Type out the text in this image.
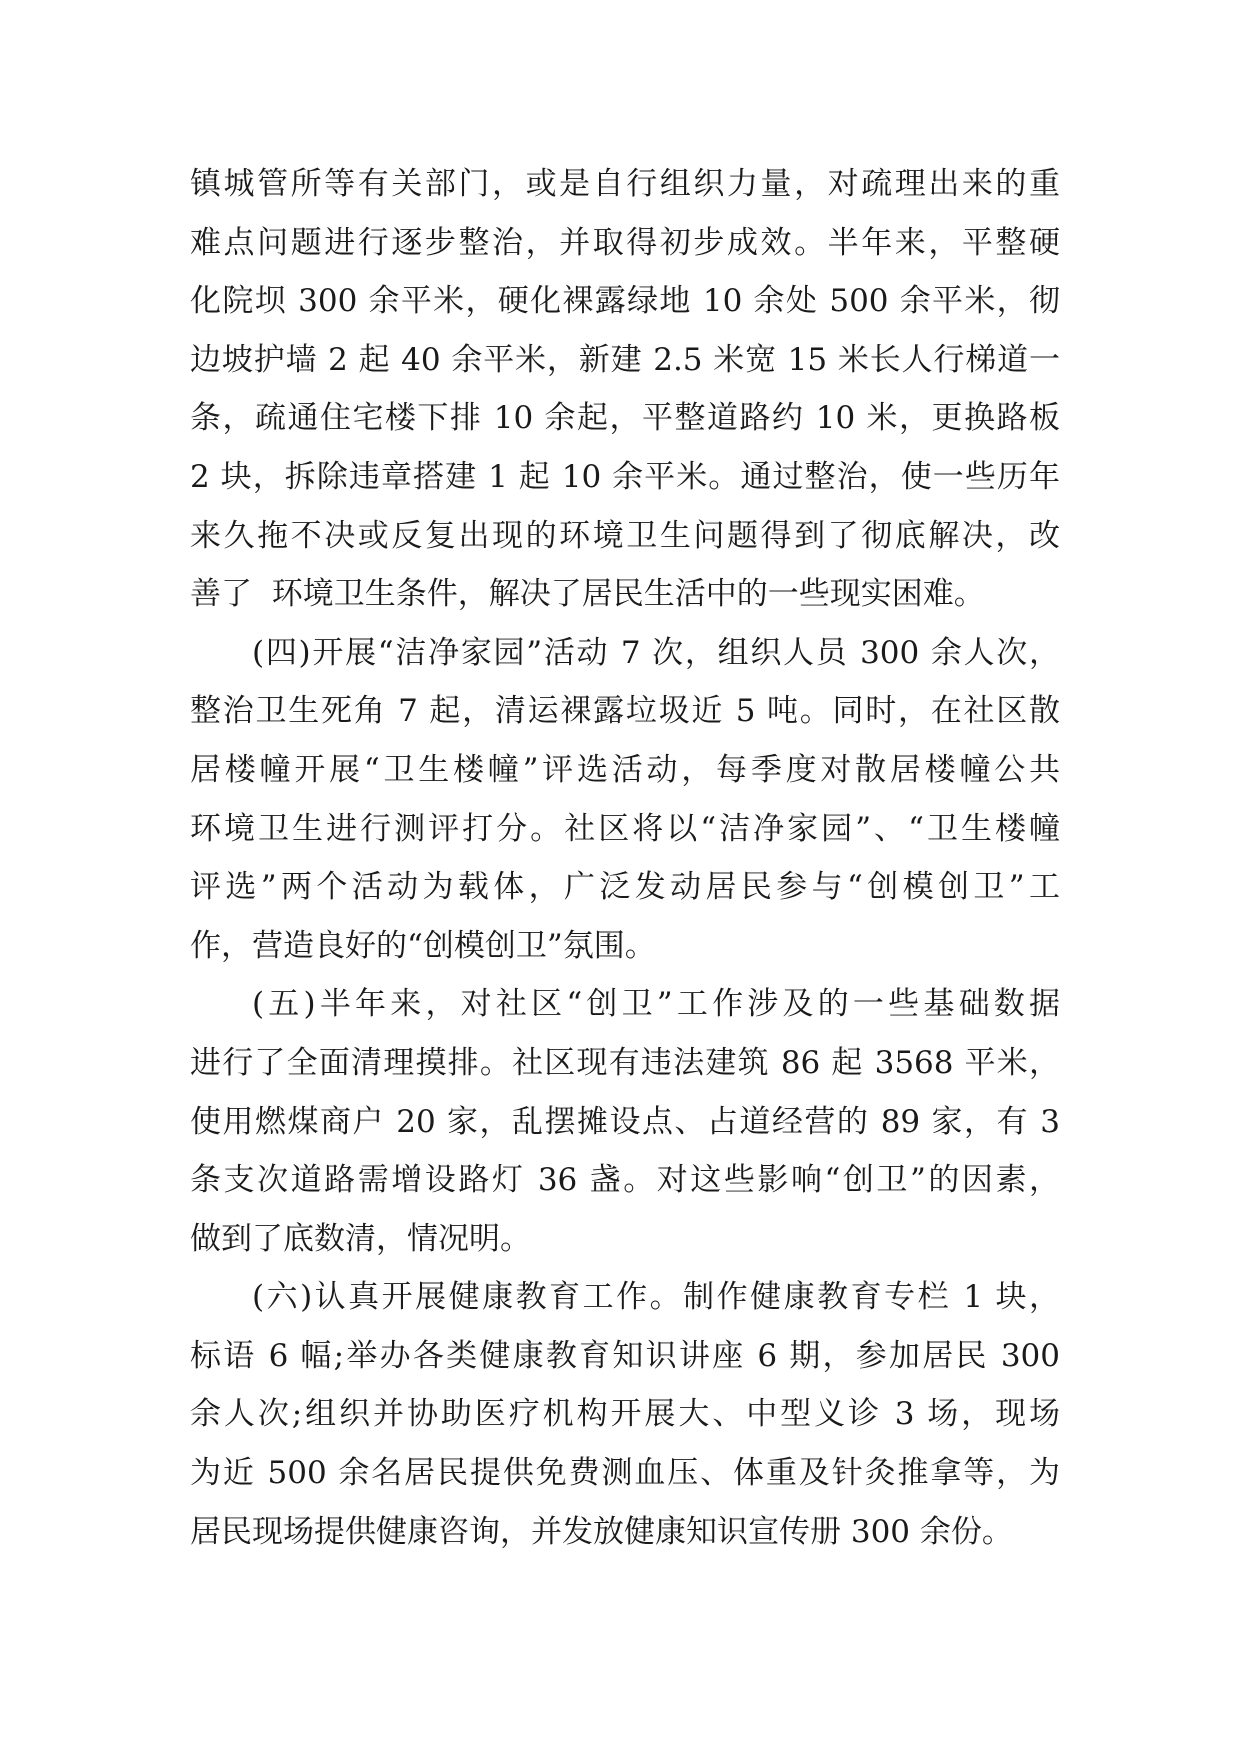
镇城管所等有关部门，或是自行组织力量，对疏理出来的重
难点问题进行逐步整治，并取得初步成效。半年来，平整硬
化院坝 300 余平米，硬化裸露绿地 10 余处 500 余平米，彻
边坡护墙 2 起 40 余平米，新建 2.5 米宽 15 米长人行梯道一
条，疏通住宅楼下排 10 余起，平整道路约 10 米，更换路板
2 块，拆除违章搭建 1 起 10 余平米。通过整治，使一些历年
来久拖不决或反复出现的环境卫生问题得到了彻底解决，改
善了  环境卫生条件，解决了居民生活中的一些现实困难。
(四)开展“洁净家园”活动 7 次，组织人员 300 余人次，
整治卫生死角 7 起，清运裸露垃圾近 5 吨。同时，在社区散
居楼幢开展“卫生楼幢”评选活动，每季度对散居楼幢公共
环境卫生进行测评打分。社区将以“洁净家园”、“卫生楼幢
评选”两个活动为载体，广泛发动居民参与“创模创卫”工
作，营造良好的“创模创卫”氛围。
(五)半年来，对社区“创卫”工作涉及的一些基础数据
进行了全面清理摸排。社区现有违法建筑 86 起 3568 平米，
使用燃煤商户 20 家，乱摆摊设点、占道经营的 89 家，有 3
条支次道路需增设路灯 36 盏。对这些影响“创卫”的因素，
做到了底数清，情况明。
(六)认真开展健康教育工作。制作健康教育专栏 1 块，
标语 6 幅;举办各类健康教育知识讲座 6 期，参加居民 300
余人次;组织并协助医疗机构开展大、中型义诊 3 场，现场
为近 500 余名居民提供免费测血压、体重及针灸推拿等，为
居民现场提供健康咨询，并发放健康知识宣传册 300 余份。
